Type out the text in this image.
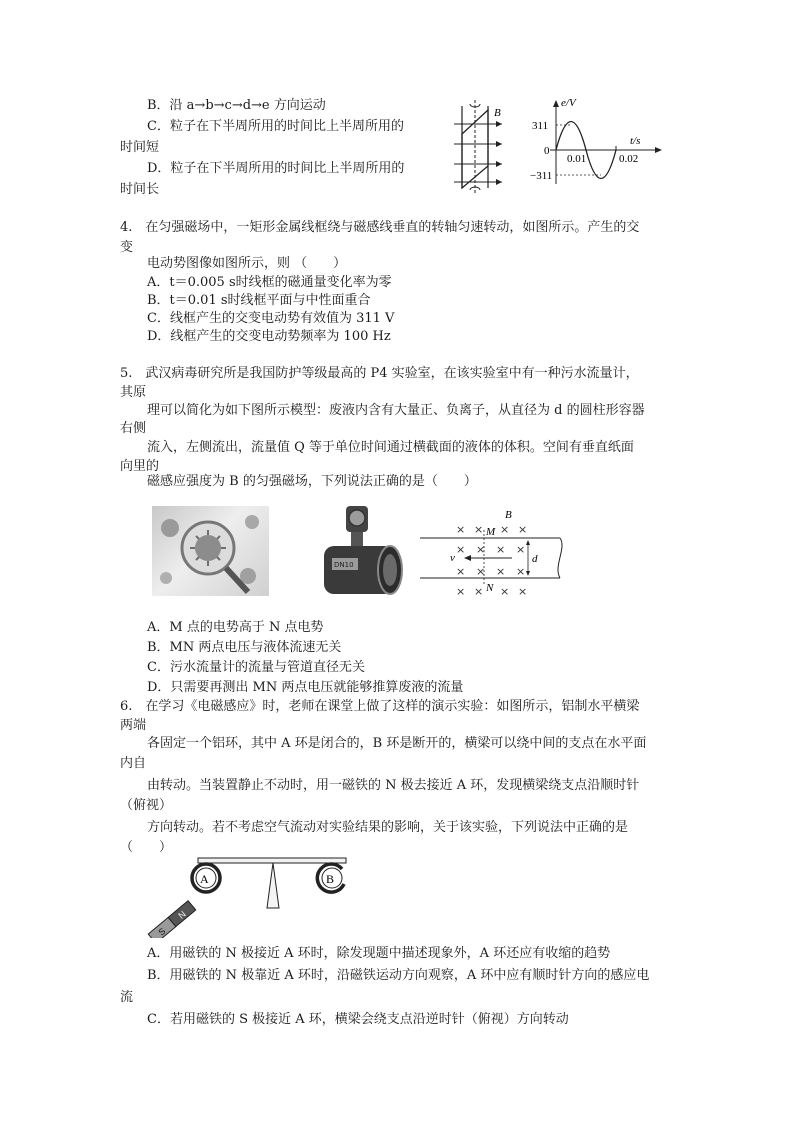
B．沿 a→b→c→d→e 方向运动
C．粒子在下半周所用的时间比上半周所用的
时间短
D．粒子在下半周所用的时间比上半周所用的
时间长
B
e/V
t/s
311
−311
0
0.01	0.02
4.　在匀强磁场中，一矩形金属线框绕与磁感线垂直的转轴匀速转动，如图所示。产生的交
变
电动势图像如图所示，则 （　　）
A．t＝0.005 s时线框的磁通量变化率为零
B．t＝0.01 s时线框平面与中性面重合
C．线框产生的交变电动势有效值为 311 V
D．线框产生的交变电动势频率为 100 Hz
5.　武汉病毒研究所是我国防护等级最高的 P4 实验室，在该实验室中有一种污水流量计，
其原
理可以简化为如下图所示模型：废液内含有大量正、负离子，从直径为 d 的圆柱形容器
右侧
流入，左侧流出，流量值 Q 等于单位时间通过横截面的液体的体积。空间有垂直纸面
向里的
磁感应强度为 B 的匀强磁场，下列说法正确的是（　　）
DN10
B
M
N
v	d
× × × ×
× × × ×
× × × ×
× × × ×
A．M 点的电势高于 N 点电势
B．MN 两点电压与液体流速无关
C．污水流量计的流量与管道直径无关
D．只需要再测出 MN 两点电压就能够推算废液的流量
6.　在学习《电磁感应》时，老师在课堂上做了这样的演示实验：如图所示，铝制水平横梁
两端
各固定一个铝环，其中 A 环是闭合的，B 环是断开的，横梁可以绕中间的支点在水平面
内自
由转动。当装置静止不动时，用一磁铁的 N 极去接近 A 环，发现横梁绕支点沿顺时针
（俯视）
方向转动。若不考虑空气流动对实验结果的影响，关于该实验，下列说法中正确的是
（　　）
A	B
S
N
A．用磁铁的 N 极接近 A 环时，除发现题中描述现象外，A 环还应有收缩的趋势
B．用磁铁的 N 极靠近 A 环时，沿磁铁运动方向观察，A 环中应有顺时针方向的感应电
流
C．若用磁铁的 S 极接近 A 环，横梁会绕支点沿逆时针（俯视）方向转动
